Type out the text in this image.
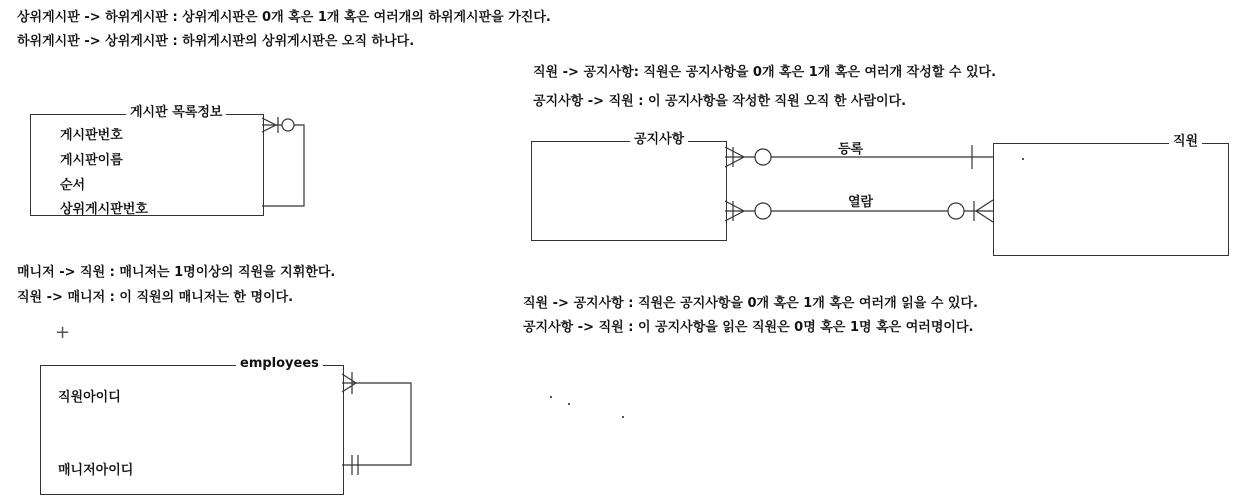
상위게시판 -> 하위게시판 : 상위게시판은 0개 혹은 1개 혹은 여러개의 하위게시판을 가진다.
하위게시판 -> 상위게시판 : 하위게시판의 상위게시판은 오직 하나다.
직원 -> 공지사항: 직원은 공지사항을 0개 혹은 1개 혹은 여러개 작성할 수 있다.
공지사항 -> 직원 : 이 공지사항을 작성한 직원 오직 한 사람이다.
매니저 -> 직원 : 매니저는 1명이상의 직원을 지휘한다.
직원 -> 매니저 : 이 직원의 매니저는 한 명이다.	직원 -> 공지사항 : 직원은 공지사항을 0개 혹은 1개 혹은 여러개 읽을 수 있다.
공지사항 -> 직원 : 이 공지사항을 읽은 직원은 0명 혹은 1명 혹은 여러명이다.
게시판 목록정보
게시판번호
게시판이름
순서
상위게시판번호
공지사항	직원
employees
직원아이디
매니저아이디
등록
열람
+
